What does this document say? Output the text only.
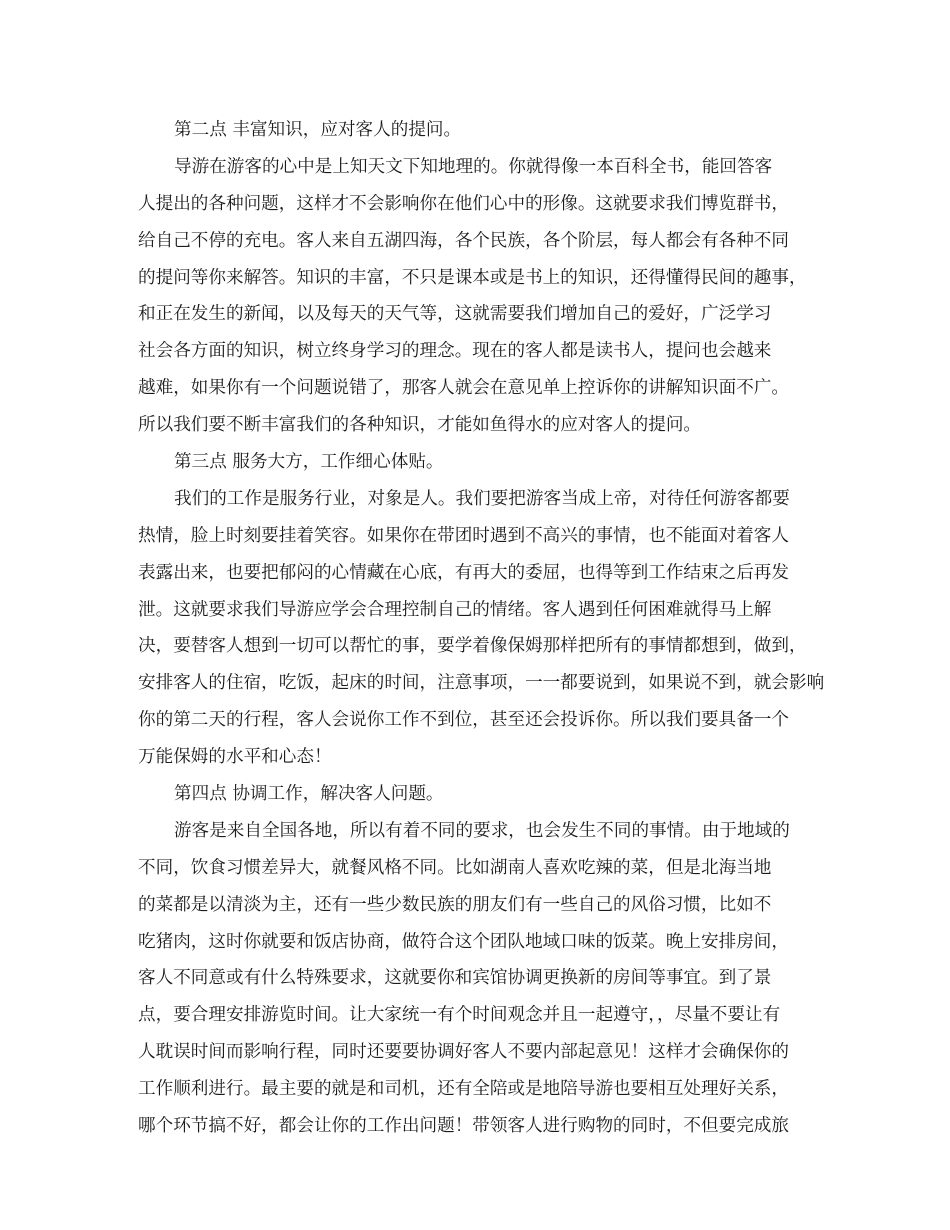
第二点 丰富知识，应对客人的提问。
导游在游客的心中是上知天文下知地理的。你就得像一本百科全书，能回答客
人提出的各种问题，这样才不会影响你在他们心中的形像。这就要求我们博览群书，
给自己不停的充电。客人来自五湖四海，各个民族，各个阶层，每人都会有各种不同
的提问等你来解答。知识的丰富，不只是课本或是书上的知识，还得懂得民间的趣事，
和正在发生的新闻，以及每天的天气等，这就需要我们增加自己的爱好，广泛学习
社会各方面的知识，树立终身学习的理念。现在的客人都是读书人，提问也会越来
越难，如果你有一个问题说错了，那客人就会在意见单上控诉你的讲解知识面不广。
所以我们要不断丰富我们的各种知识，才能如鱼得水的应对客人的提问。
第三点 服务大方，工作细心体贴。
我们的工作是服务行业，对象是人。我们要把游客当成上帝，对待任何游客都要
热情，脸上时刻要挂着笑容。如果你在带团时遇到不高兴的事情，也不能面对着客人
表露出来，也要把郁闷的心情藏在心底，有再大的委屈，也得等到工作结束之后再发
泄。这就要求我们导游应学会合理控制自己的情绪。客人遇到任何困难就得马上解
决，要替客人想到一切可以帮忙的事，要学着像保姆那样把所有的事情都想到，做到，
安排客人的住宿，吃饭，起床的时间，注意事项，一一都要说到，如果说不到，就会影响
你的第二天的行程，客人会说你工作不到位，甚至还会投诉你。所以我们要具备一个
万能保姆的水平和心态！
第四点 协调工作，解决客人问题。
游客是来自全国各地，所以有着不同的要求，也会发生不同的事情。由于地域的
不同，饮食习惯差异大，就餐风格不同。比如湖南人喜欢吃辣的菜，但是北海当地
的菜都是以清淡为主，还有一些少数民族的朋友们有一些自己的风俗习惯，比如不
吃猪肉，这时你就要和饭店协商，做符合这个团队地域口味的饭菜。晚上安排房间，
客人不同意或有什么特殊要求，这就要你和宾馆协调更换新的房间等事宜。到了景
点，要合理安排游览时间。让大家统一有个时间观念并且一起遵守，，尽量不要让有
人耽误时间而影响行程，同时还要要协调好客人不要内部起意见！这样才会确保你的
工作顺利进行。最主要的就是和司机，还有全陪或是地陪导游也要相互处理好关系，
哪个环节搞不好，都会让你的工作出问题！带领客人进行购物的同时，不但要完成旅
